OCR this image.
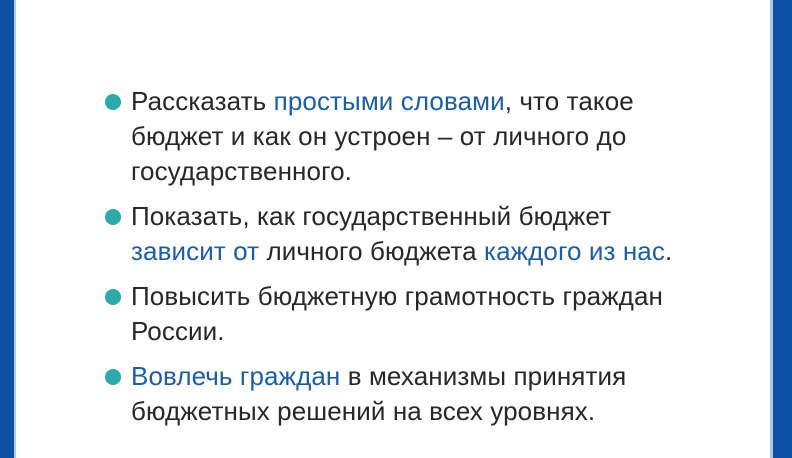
Рассказать простыми словами, что такое
бюджет и как он устроен – от личного до
государственного.
Показать, как государственный бюджет
зависит от личного бюджета каждого из нас.
Повысить бюджетную грамотность граждан
России.
Вовлечь граждан в механизмы принятия
бюджетных решений на всех уровнях.
